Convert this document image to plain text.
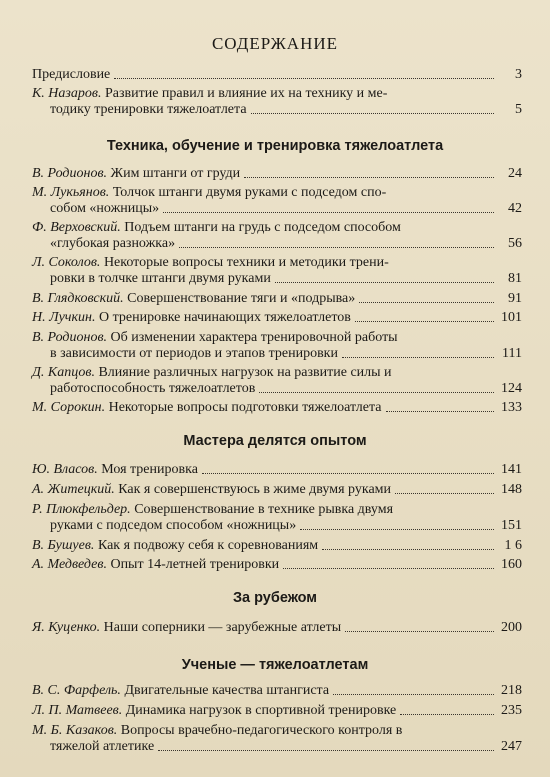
СОДЕРЖАНИЕ
Техника, обучение и тренировка тяжелоатлета
Мастера делятся опытом
За рубежом
Ученые — тяжелоатлетам
Предисловие	3
К. Назаров. Развитие правил и влияние их на технику и ме-
тодику тренировки тяжелоатлета	5
В. Родионов. Жим штанги от груди	24
М. Лукьянов. Толчок штанги двумя руками с подседом спо-
собом «ножницы»	42
Ф. Верховский. Подъем штанги на грудь с подседом способом
«глубокая разножка»	56
Л. Соколов. Некоторые вопросы техники и методики трени-
ровки в толчке штанги двумя руками	81
В. Глядковский. Совершенствование тяги и «подрыва»	91
Н. Лучкин. О тренировке начинающих тяжелоатлетов	101
В. Родионов. Об изменении характера тренировочной работы
в зависимости от периодов и этапов тренировки	111
Д. Капцов. Влияние различных нагрузок на развитие силы и
работоспособность тяжелоатлетов	124
М. Сорокин. Некоторые вопросы подготовки тяжелоатлета	133
Ю. Власов. Моя тренировка	141
А. Житецкий. Как я совершенствуюсь в жиме двумя руками	148
Р. Плюкфельдер. Совершенствование в технике рывка двумя
руками с подседом способом «ножницы»	151
В. Бушуев. Как я подвожу себя к соревнованиям	1 6
А. Медведев. Опыт 14-летней тренировки	160
Я. Куценко. Наши соперники — зарубежные атлеты	200
В. С. Фарфель. Двигательные качества штангиста	218
Л. П. Матвеев. Динамика нагрузок в спортивной тренировке	235
М. Б. Казаков. Вопросы врачебно-педагогического контроля в
тяжелой атлетике	247
